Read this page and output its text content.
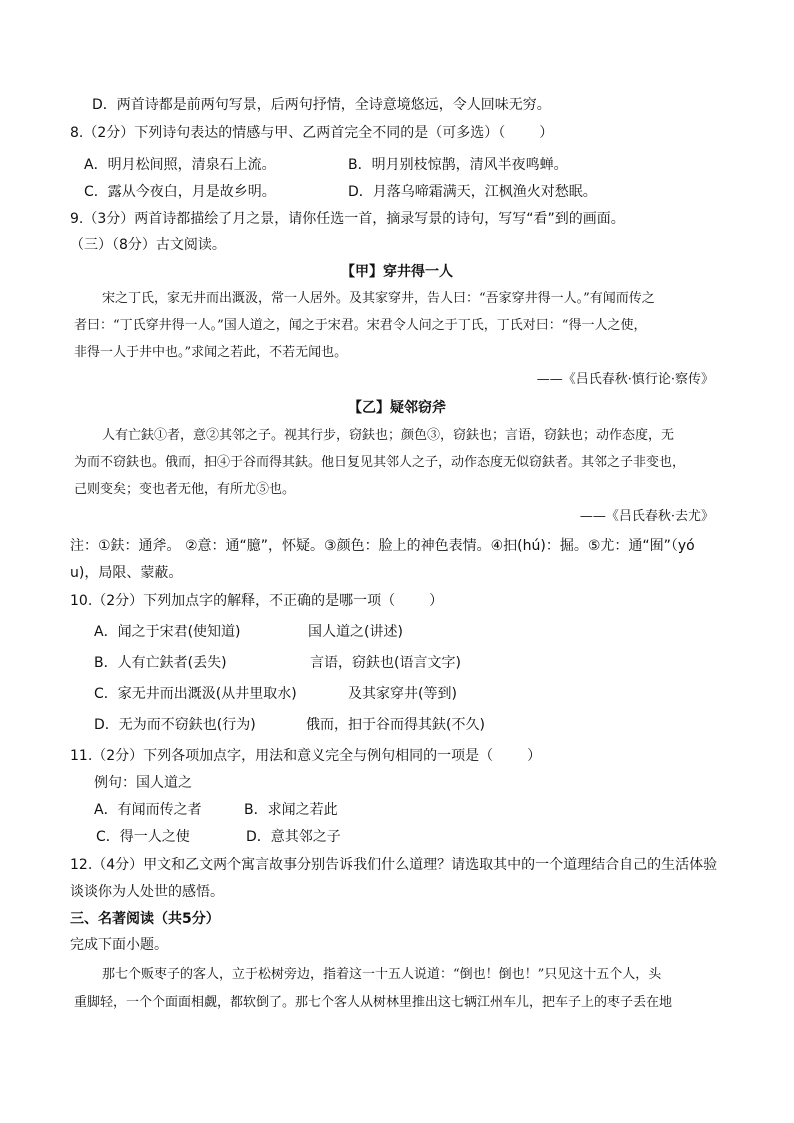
D．两首诗都是前两句写景，后两句抒情，全诗意境悠远，令人回味无穷。
8.（2分）下列诗句表达的情感与甲、乙两首完全不同的是（可多选）（ ）
A．明月松间照，清泉石上流。	B．明月别枝惊鹊，清风半夜鸣蝉。
C．露从今夜白，月是故乡明。	D．月落乌啼霜满天，江枫渔火对愁眠。
9.（3分）两首诗都描绘了月之景，请你任选一首，摘录写景的诗句，写写“看”到的画面。
（三）（8分）古文阅读。
【甲】穿井得一人
宋之丁氏，家无井而出溉汲，常一人居外。及其家穿井，告人曰：“吾家穿井得一人。”有闻而传之
者曰：“丁氏穿井得一人。”国人道之，闻之于宋君。宋君令人问之于丁氏，丁氏对曰：“得一人之使，
非得一人于井中也。”求闻之若此，不若无闻也。
——《吕氏春秋·慎行论·察传》
【乙】疑邻窃斧
人有亡鈇①者，意②其邻之子。视其行步，窃鈇也；颜色③，窃鈇也；言语，窃鈇也；动作态度，无
为而不窃鈇也。俄而，抇④于谷而得其鈇。他日复见其邻人之子，动作态度无似窃鈇者。其邻之子非变也，
己则变矣；变也者无他，有所尤⑤也。
——《吕氏春秋·去尤》
注：①鈇：通斧。 ②意：通“臆”，怀疑。③颜色：脸上的神色表情。④抇(hú)：掘。⑤尤：通“囿”（yó
u)，局限、蒙蔽。
10.（2分）下列加点字的解释，不正确的是哪一项（ ）
A．闻之于宋君(使知道)	国人道之(讲述)
B．人有亡鈇者(丢失)	言语，窃鈇也(语言文字)
C．家无井而出溉汲(从井里取水)	及其家穿井(等到)
D．无为而不窃鈇也(行为)	俄而，抇于谷而得其鈇(不久)
11.（2分）下列各项加点字，用法和意义完全与例句相同的一项是（ ）
例句：国人道之
A．有闻而传之者	B．求闻之若此
C．得一人之使	D．意其邻之子
12.（4分）甲文和乙文两个寓言故事分别告诉我们什么道理？请选取其中的一个道理结合自己的生活体验
谈谈你为人处世的感悟。
三、名著阅读（共5分）
完成下面小题。
那七个贩枣子的客人，立于松树旁边，指着这一十五人说道：“倒也！倒也！”只见这十五个人，头
重脚轻，一个个面面相觑，都软倒了。那七个客人从树林里推出这七辆江州车儿，把车子上的枣子丢在地
